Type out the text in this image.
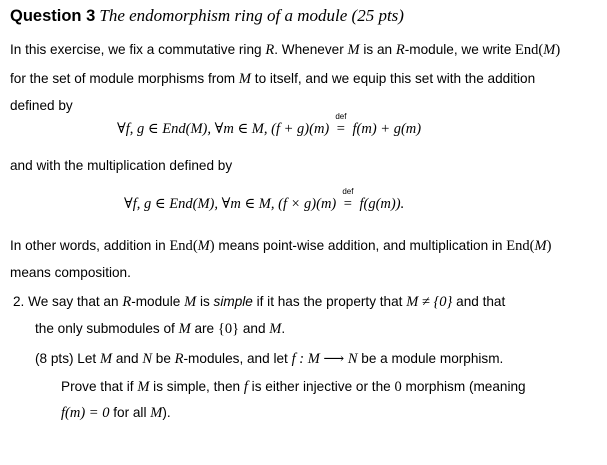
Question 3 The endomorphism ring of a module (25 pts)
In this exercise, we fix a commutative ring R. Whenever M is an R-module, we write End(M)
for the set of module morphisms from M to itself, and we equip this set with the addition
defined by
∀f, g ∈ End(M), ∀m ∈ M, (f + g)(m)
def
= f(m) + g(m)
and with the multiplication defined by
∀f, g ∈ End(M), ∀m ∈ M, (f × g)(m)
def
= f(g(m)).
In other words, addition in End(M) means point-wise addition, and multiplication in End(M)
means composition.
2. We say that an R-module M is simple if it has the property that M ≠ {0} and that
the only submodules of M are {0} and M.
(8 pts) Let M and N be R-modules, and let f : M ⟶ N be a module morphism.
Prove that if M is simple, then f is either injective or the 0 morphism (meaning
f(m) = 0 for all M).
